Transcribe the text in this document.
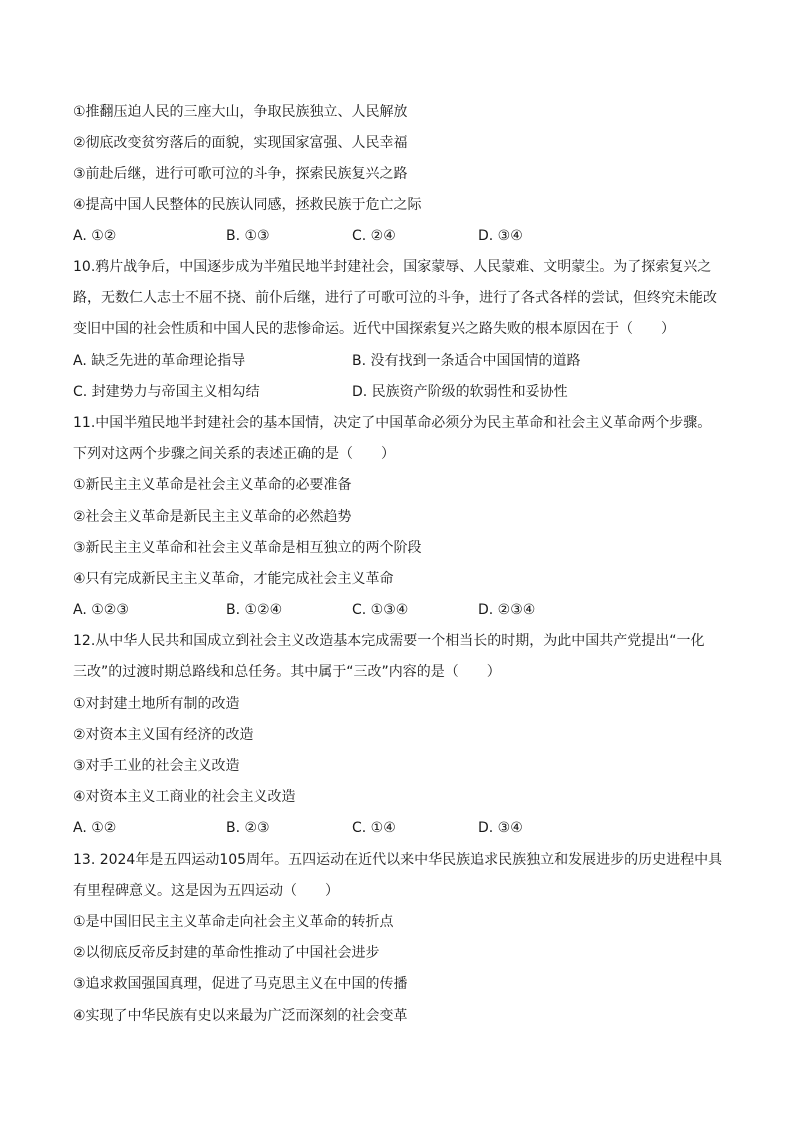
①推翻压迫人民的三座大山，争取民族独立、人民解放
②彻底改变贫穷落后的面貌，实现国家富强、人民幸福
③前赴后继，进行可歌可泣的斗争，探索民族复兴之路
④提高中国人民整体的民族认同感，拯救民族于危亡之际
A. ①②	B. ①③	C. ②④	D. ③④
10.鸦片战争后，中国逐步成为半殖民地半封建社会，国家蒙辱、人民蒙难、文明蒙尘。为了探索复兴之
路，无数仁人志士不屈不挠、前仆后继，进行了可歌可泣的斗争，进行了各式各样的尝试，但终究未能改
变旧中国的社会性质和中国人民的悲惨命运。近代中国探索复兴之路失败的根本原因在于（　　）
A. 缺乏先进的革命理论指导	B. 没有找到一条适合中国国情的道路
C. 封建势力与帝国主义相勾结	D. 民族资产阶级的软弱性和妥协性
11.中国半殖民地半封建社会的基本国情，决定了中国革命必须分为民主革命和社会主义革命两个步骤。
下列对这两个步骤之间关系的表述正确的是（　　）
①新民主主义革命是社会主义革命的必要准备
②社会主义革命是新民主主义革命的必然趋势
③新民主主义革命和社会主义革命是相互独立的两个阶段
④只有完成新民主主义革命，才能完成社会主义革命
A. ①②③	B. ①②④	C. ①③④	D. ②③④
12.从中华人民共和国成立到社会主义改造基本完成需要一个相当长的时期，为此中国共产党提出“一化
三改”的过渡时期总路线和总任务。其中属于“三改”内容的是（　　）
①对封建土地所有制的改造
②对资本主义国有经济的改造
③对手工业的社会主义改造
④对资本主义工商业的社会主义改造
A. ①②	B. ②③	C. ①④	D. ③④
13. 2024年是五四运动105周年。五四运动在近代以来中华民族追求民族独立和发展进步的历史进程中具
有里程碑意义。这是因为五四运动（　　）
①是中国旧民主主义革命走向社会主义革命的转折点
②以彻底反帝反封建的革命性推动了中国社会进步
③追求救国强国真理，促进了马克思主义在中国的传播
④实现了中华民族有史以来最为广泛而深刻的社会变革
